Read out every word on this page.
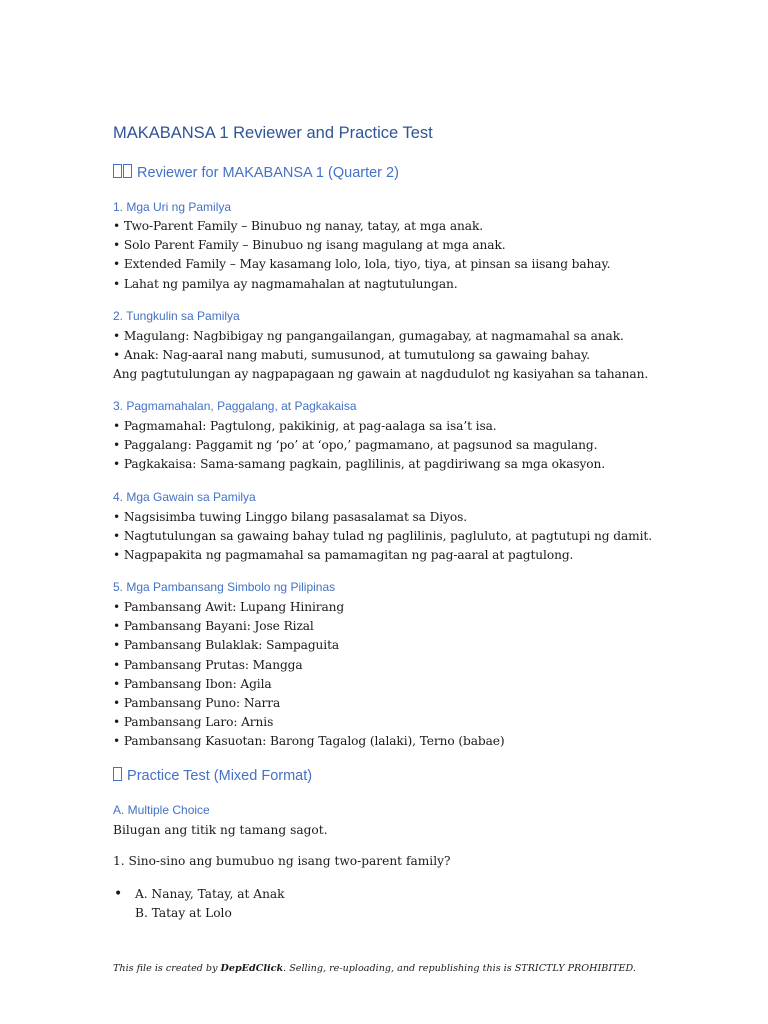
MAKABANSA 1 Reviewer and Practice Test
Reviewer for MAKABANSA 1 (Quarter 2)
1. Mga Uri ng Pamilya
• Two-Parent Family – Binubuo ng nanay, tatay, at mga anak.
• Solo Parent Family – Binubuo ng isang magulang at mga anak.
• Extended Family – May kasamang lolo, lola, tiyo, tiya, at pinsan sa iisang bahay.
• Lahat ng pamilya ay nagmamahalan at nagtutulungan.
2. Tungkulin sa Pamilya
• Magulang: Nagbibigay ng pangangailangan, gumagabay, at nagmamahal sa anak.
• Anak: Nag-aaral nang mabuti, sumusunod, at tumutulong sa gawaing bahay.
Ang pagtutulungan ay nagpapagaan ng gawain at nagdudulot ng kasiyahan sa tahanan.
3. Pagmamahalan, Paggalang, at Pagkakaisa
• Pagmamahal: Pagtulong, pakikinig, at pag-aalaga sa isa’t isa.
• Paggalang: Paggamit ng ‘po’ at ‘opo,’ pagmamano, at pagsunod sa magulang.
• Pagkakaisa: Sama-samang pagkain, paglilinis, at pagdiriwang sa mga okasyon.
4. Mga Gawain sa Pamilya
• Nagsisimba tuwing Linggo bilang pasasalamat sa Diyos.
• Nagtutulungan sa gawaing bahay tulad ng paglilinis, pagluluto, at pagtutupi ng damit.
• Nagpapakita ng pagmamahal sa pamamagitan ng pag-aaral at pagtulong.
5. Mga Pambansang Simbolo ng Pilipinas
• Pambansang Awit: Lupang Hinirang
• Pambansang Bayani: Jose Rizal
• Pambansang Bulaklak: Sampaguita
• Pambansang Prutas: Mangga
• Pambansang Ibon: Agila
• Pambansang Puno: Narra
• Pambansang Laro: Arnis
• Pambansang Kasuotan: Barong Tagalog (lalaki), Terno (babae)
Practice Test (Mixed Format)
A. Multiple Choice

Bilugan ang titik ng tamang sagot.

1. Sino-sino ang bumubuo ng isang two-parent family?

• A. Nanay, Tatay, at Anak
B. Tatay at Lolo

This file is created by DepEdClick. Selling, re-uploading, and republishing this is STRICTLY PROHIBITED.
